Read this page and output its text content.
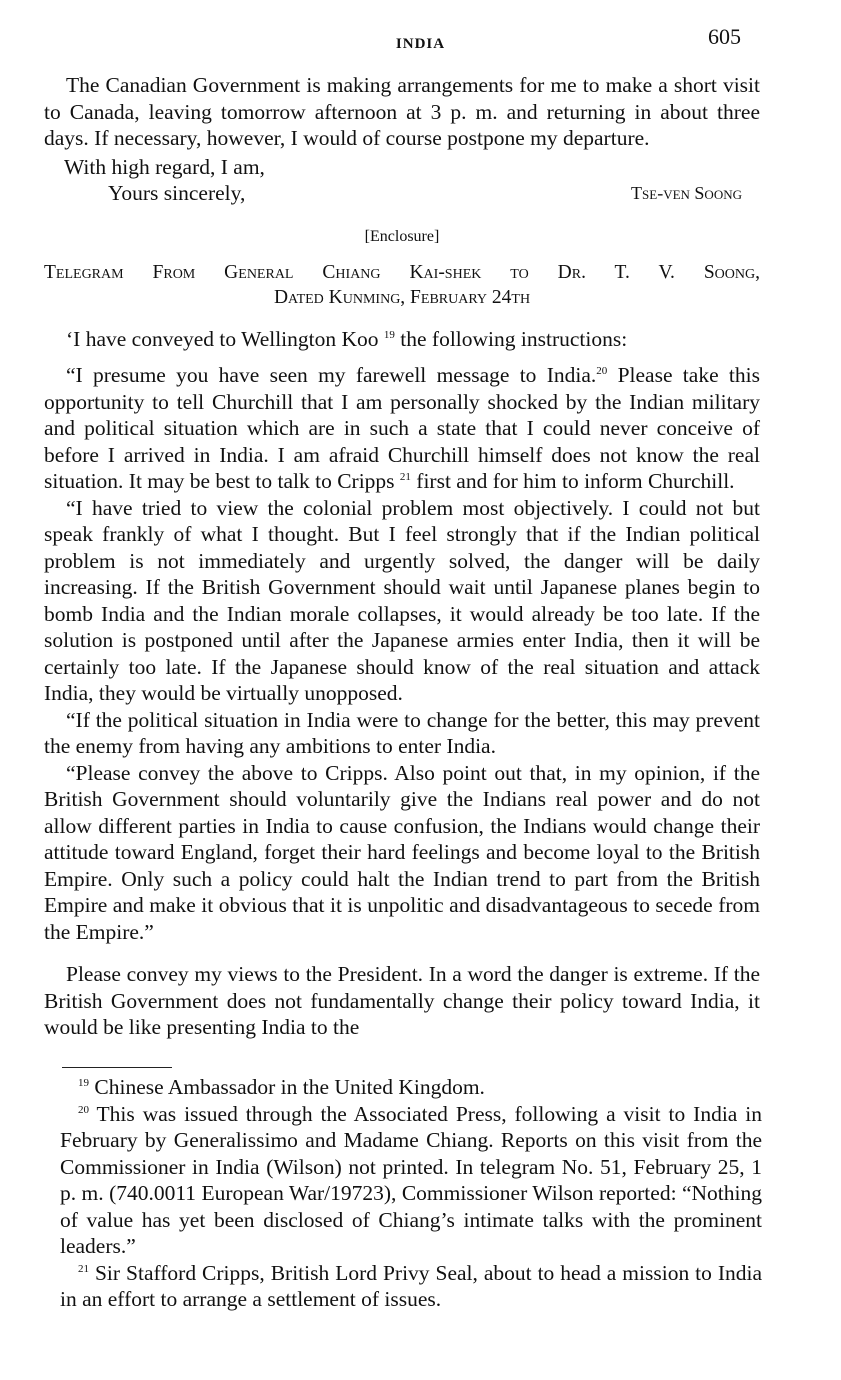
INDIA	605

The Canadian Government is making arrangements for me to make a short visit to Canada, leaving tomorrow afternoon at 3 p. m. and returning in about three days. If necessary, however, I would of course postpone my departure.

With high regard, I am,
Yours sincerely,	Tse-ven Soong
[Enclosure]
Telegram From General Chiang Kai-shek to Dr. T. V. Soong,
Dated Kunming, February 24th

‘I have conveyed to Wellington Koo $^{19}$ the following instructions:

“I presume you have seen my farewell message to India.$^{20}$ Please take this opportunity to tell Churchill that I am personally shocked by the Indian military and political situation which are in such a state that I could never conceive of before I arrived in India. I am afraid Churchill himself does not know the real situation. It may be best to talk to Cripps $^{21}$ first and for him to inform Churchill.

“I have tried to view the colonial problem most objectively. I could not but speak frankly of what I thought. But I feel strongly that if the Indian political problem is not immediately and urgently solved, the danger will be daily increasing. If the British Government should wait until Japanese planes begin to bomb India and the Indian morale collapses, it would already be too late. If the solution is postponed until after the Japanese armies enter India, then it will be certainly too late. If the Japanese should know of the real situation and attack India, they would be virtually unopposed.

“If the political situation in India were to change for the better, this may prevent the enemy from having any ambitions to enter India.

“Please convey the above to Cripps. Also point out that, in my opinion, if the British Government should voluntarily give the Indians real power and do not allow different parties in India to cause confusion, the Indians would change their attitude toward England, forget their hard feelings and become loyal to the British Empire. Only such a policy could halt the Indian trend to part from the British Empire and make it obvious that it is unpolitic and disadvantageous to secede from the Empire.”

Please convey my views to the President. In a word the danger is extreme. If the British Government does not fundamentally change their policy toward India, it would be like presenting India to the

$^{19}$ Chinese Ambassador in the United Kingdom.

$^{20}$ This was issued through the Associated Press, following a visit to India in February by Generalissimo and Madame Chiang. Reports on this visit from the Commissioner in India (Wilson) not printed. In telegram No. 51, February 25, 1 p. m. (740.0011 European War/19723), Commissioner Wilson reported: “Nothing of value has yet been disclosed of Chiang’s intimate talks with the prominent leaders.”

$^{21}$ Sir Stafford Cripps, British Lord Privy Seal, about to head a mission to India in an effort to arrange a settlement of issues.
